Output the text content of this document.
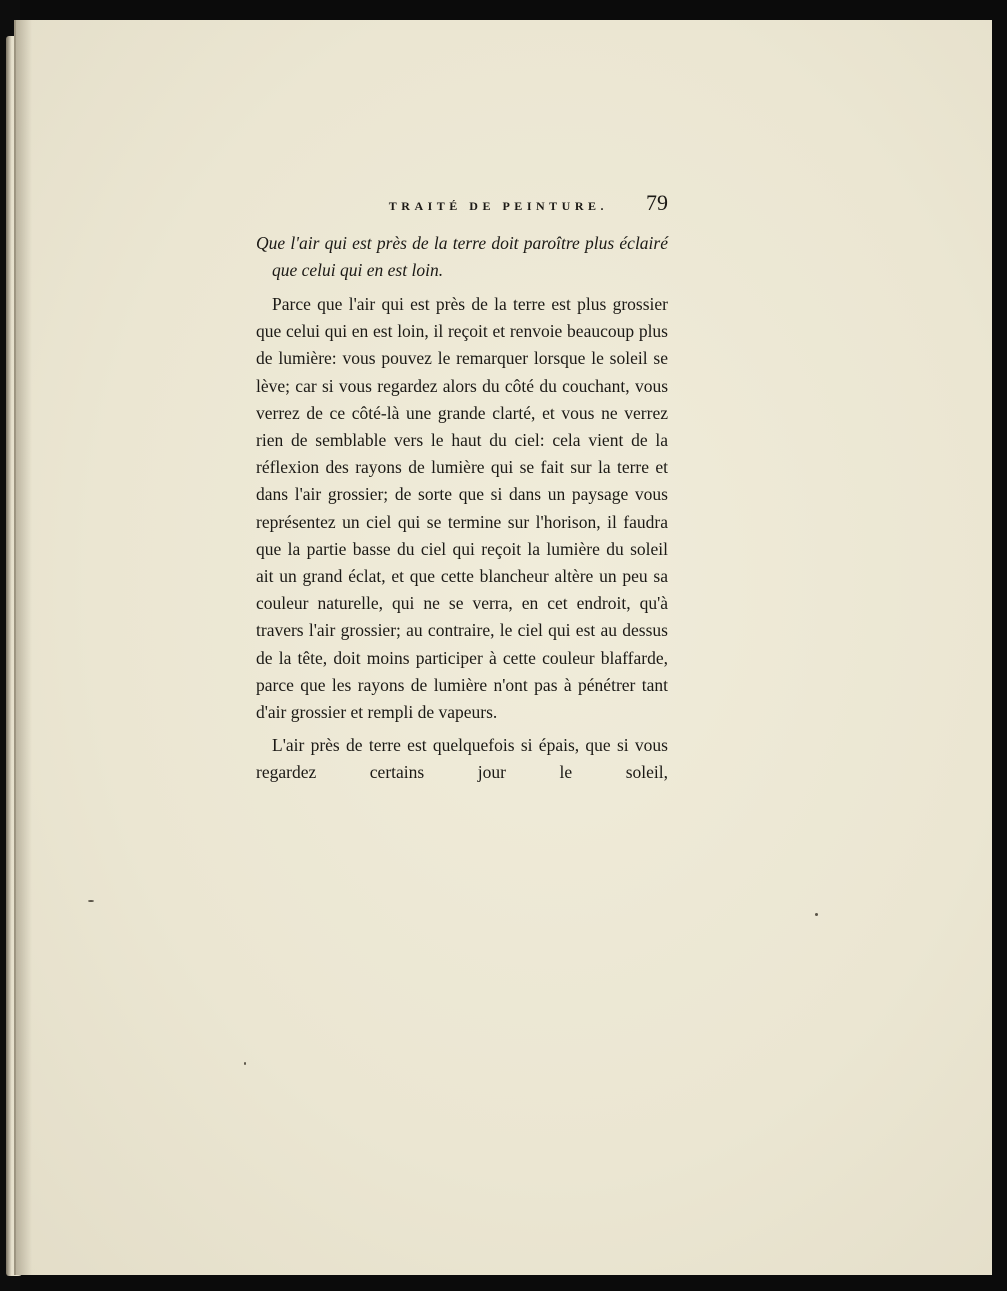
TRAITÉ DE PEINTURE. 79
Que l'air qui est près de la terre doit paroître plus éclairé que celui qui en est loin.

Parce que l'air qui est près de la terre est plus grossier que celui qui en est loin, il reçoit et renvoie beaucoup plus de lumière: vous pouvez le remarquer lorsque le soleil se lève; car si vous regardez alors du côté du couchant, vous verrez de ce côté-là une grande clarté, et vous ne verrez rien de semblable vers le haut du ciel: cela vient de la réflexion des rayons de lumière qui se fait sur la terre et dans l'air grossier; de sorte que si dans un paysage vous représentez un ciel qui se termine sur l'horison, il faudra que la partie basse du ciel qui reçoit la lumière du soleil ait un grand éclat, et que cette blancheur altère un peu sa couleur naturelle, qui ne se verra, en cet endroit, qu'à travers l'air grossier; au contraire, le ciel qui est au dessus de la tête, doit moins participer à cette couleur blaffarde, parce que les rayons de lumière n'ont pas à pénétrer tant d'air grossier et rempli de vapeurs.

L'air près de terre est quelquefois si épais, que si vous regardez certains jour le soleil,
